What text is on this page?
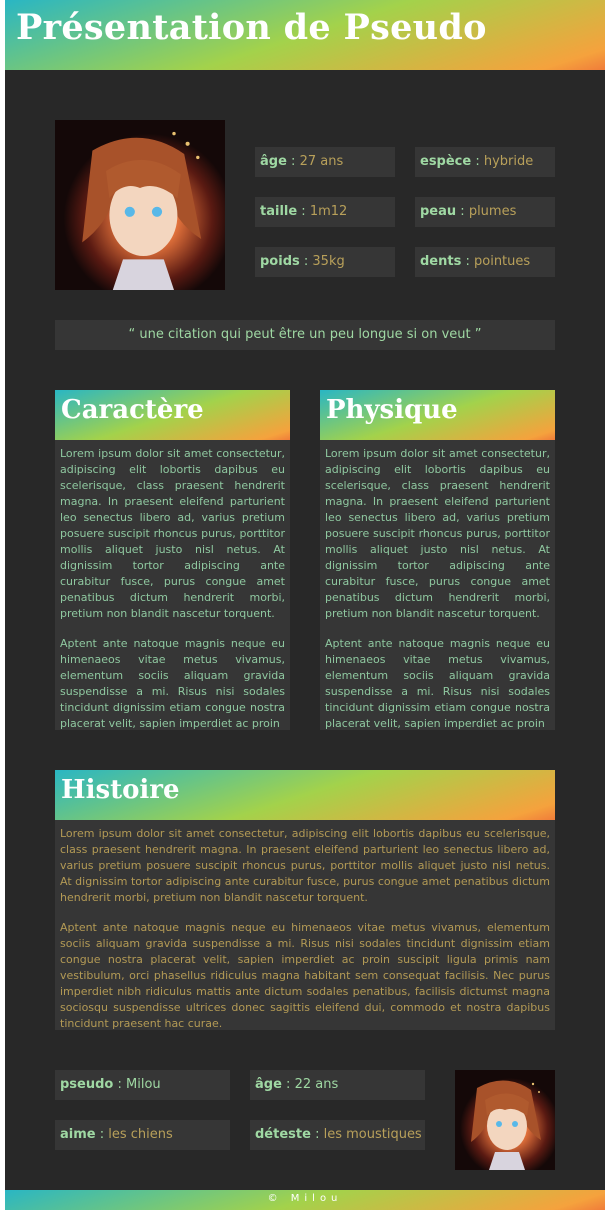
Présentation de Pseudo
âge : 27 ans	espèce : hybride
taille : 1m12	peau : plumes
poids : 35kg	dents : pointues
“ une citation qui peut être un peu longue si on veut ”
Caractère

Lorem ipsum dolor sit amet consectetur, adipiscing elit lobortis dapibus eu scelerisque, class praesent hendrerit magna. In praesent eleifend parturient leo senectus libero ad, varius pretium posuere suscipit rhoncus purus, porttitor mollis aliquet justo nisl netus. At dignissim tortor adipiscing ante curabitur fusce, purus congue amet penatibus dictum hendrerit morbi, pretium non blandit nascetur torquent.

Aptent ante natoque magnis neque eu himenaeos vitae metus vivamus, elementum sociis aliquam gravida suspendisse a mi. Risus nisi sodales tincidunt dignissim etiam congue nostra placerat velit, sapien imperdiet ac proin

Physique

Lorem ipsum dolor sit amet consectetur, adipiscing elit lobortis dapibus eu scelerisque, class praesent hendrerit magna. In praesent eleifend parturient leo senectus libero ad, varius pretium posuere suscipit rhoncus purus, porttitor mollis aliquet justo nisl netus. At dignissim tortor adipiscing ante curabitur fusce, purus congue amet penatibus dictum hendrerit morbi, pretium non blandit nascetur torquent.

Aptent ante natoque magnis neque eu himenaeos vitae metus vivamus, elementum sociis aliquam gravida suspendisse a mi. Risus nisi sodales tincidunt dignissim etiam congue nostra placerat velit, sapien imperdiet ac proin

Histoire

Lorem ipsum dolor sit amet consectetur, adipiscing elit lobortis dapibus eu scelerisque, class praesent hendrerit magna. In praesent eleifend parturient leo senectus libero ad, varius pretium posuere suscipit rhoncus purus, porttitor mollis aliquet justo nisl netus. At dignissim tortor adipiscing ante curabitur fusce, purus congue amet penatibus dictum hendrerit morbi, pretium non blandit nascetur torquent.

Aptent ante natoque magnis neque eu himenaeos vitae metus vivamus, elementum sociis aliquam gravida suspendisse a mi. Risus nisi sodales tincidunt dignissim etiam congue nostra placerat velit, sapien imperdiet ac proin suscipit ligula primis nam vestibulum, orci phasellus ridiculus magna habitant sem consequat facilisis. Nec purus imperdiet nibh ridiculus mattis ante dictum sodales penatibus, facilisis dictumst magna sociosqu suspendisse ultrices donec sagittis eleifend dui, commodo et nostra dapibus tincidunt praesent hac curae.

pseudo : Milou	âge : 22 ans
aime : les chiens	déteste : les moustiques
© Milou
